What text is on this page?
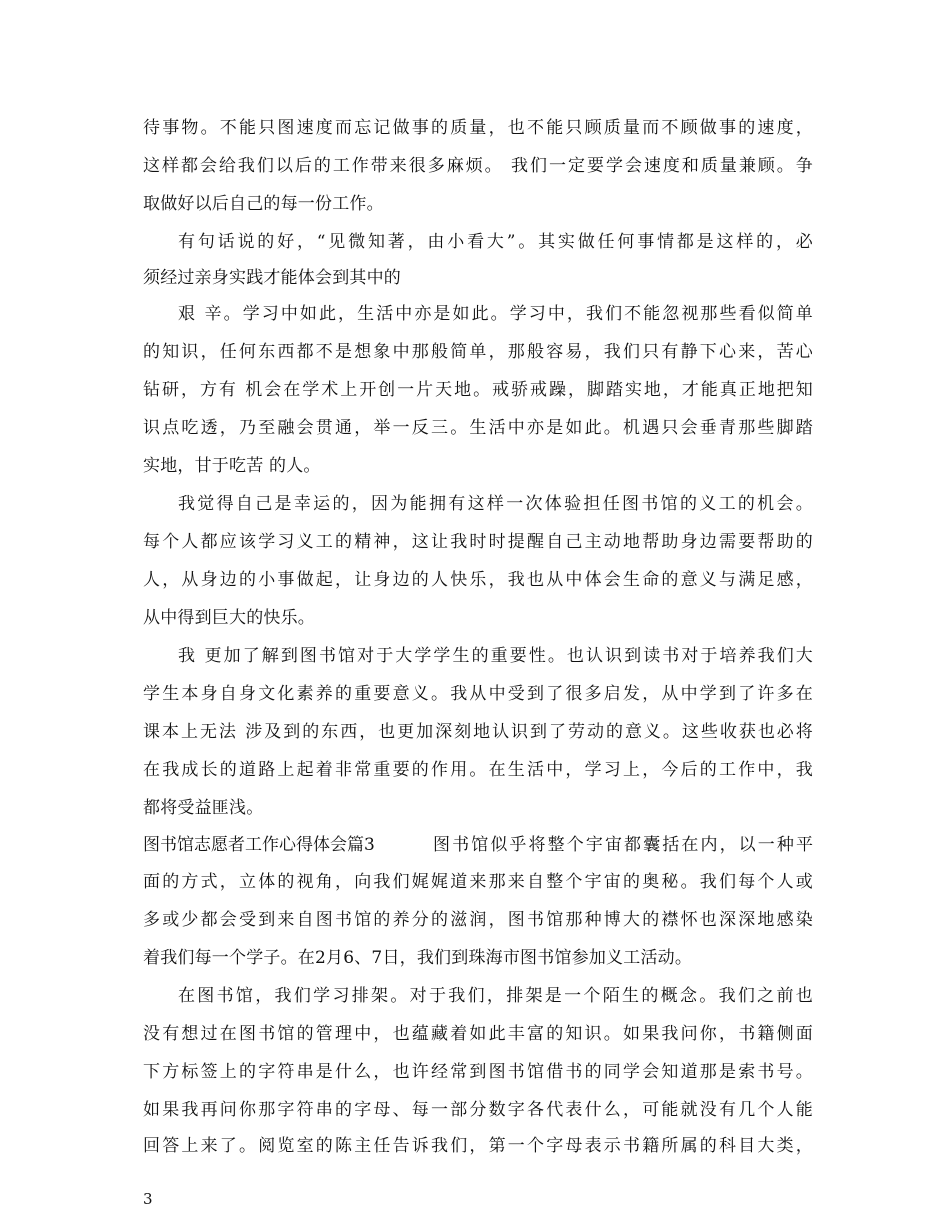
待事物。不能只图速度而忘记做事的质量，也不能只顾质量而不顾做事的速度，
这样都会给我们以后的工作带来很多麻烦。 我们一定要学会速度和质量兼顾。争
取做好以后自己的每一份工作。
有句话说的好，“见微知著，由小看大”。其实做任何事情都是这样的，必
须经过亲身实践才能体会到其中的
艰 辛。学习中如此，生活中亦是如此。学习中，我们不能忽视那些看似简单
的知识，任何东西都不是想象中那般简单，那般容易，我们只有静下心来，苦心
钻研，方有 机会在学术上开创一片天地。戒骄戒躁，脚踏实地，才能真正地把知
识点吃透，乃至融会贯通，举一反三。生活中亦是如此。机遇只会垂青那些脚踏
实地，甘于吃苦 的人。
我觉得自己是幸运的，因为能拥有这样一次体验担任图书馆的义工的机会。
每个人都应该学习义工的精神，这让我时时提醒自己主动地帮助身边需要帮助的
人，从身边的小事做起，让身边的人快乐，我也从中体会生命的意义与满足感，
从中得到巨大的快乐。
我 更加了解到图书馆对于大学学生的重要性。也认识到读书对于培养我们大
学生本身自身文化素养的重要意义。我从中受到了很多启发，从中学到了许多在
课本上无法 涉及到的东西，也更加深刻地认识到了劳动的意义。这些收获也必将
在我成长的道路上起着非常重要的作用。在生活中，学习上，今后的工作中，我
都将受益匪浅。
图书馆志愿者工作心得体会篇3	图书馆似乎将整个宇宙都囊括在内，以一种平
面的方式，立体的视角，向我们娓娓道来那来自整个宇宙的奥秘。我们每个人或
多或少都会受到来自图书馆的养分的滋润，图书馆那种博大的襟怀也深深地感染
着我们每一个学子。在2月6、7日，我们到珠海市图书馆参加义工活动。
在图书馆，我们学习排架。对于我们，排架是一个陌生的概念。我们之前也
没有想过在图书馆的管理中，也蕴藏着如此丰富的知识。如果我问你，书籍侧面
下方标签上的字符串是什么，也许经常到图书馆借书的同学会知道那是索书号。
如果我再问你那字符串的字母、每一部分数字各代表什么，可能就没有几个人能
回答上来了。阅览室的陈主任告诉我们，第一个字母表示书籍所属的科目大类，
3
